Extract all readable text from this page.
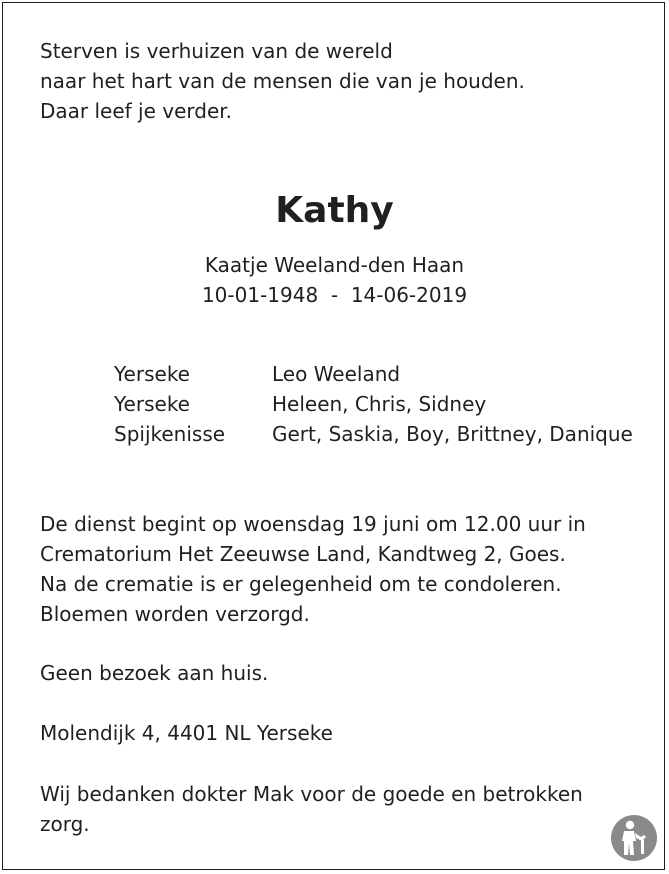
Sterven is verhuizen van de wereld
naar het hart van de mensen die van je houden.
Daar leef je verder.
Kathy
Kaatje Weeland-den Haan
10-01-1948  -  14-06-2019
Yerseke	Leo Weeland
Yerseke	Heleen, Chris, Sidney
Spijkenisse	Gert, Saskia, Boy, Brittney, Danique
De dienst begint op woensdag 19 juni om 12.00 uur in
Crematorium Het Zeeuwse Land, Kandtweg 2, Goes.
Na de crematie is er gelegenheid om te condoleren.
Bloemen worden verzorgd.
Geen bezoek aan huis.
Molendijk 4, 4401 NL Yerseke
Wij bedanken dokter Mak voor de goede en betrokken
zorg.
